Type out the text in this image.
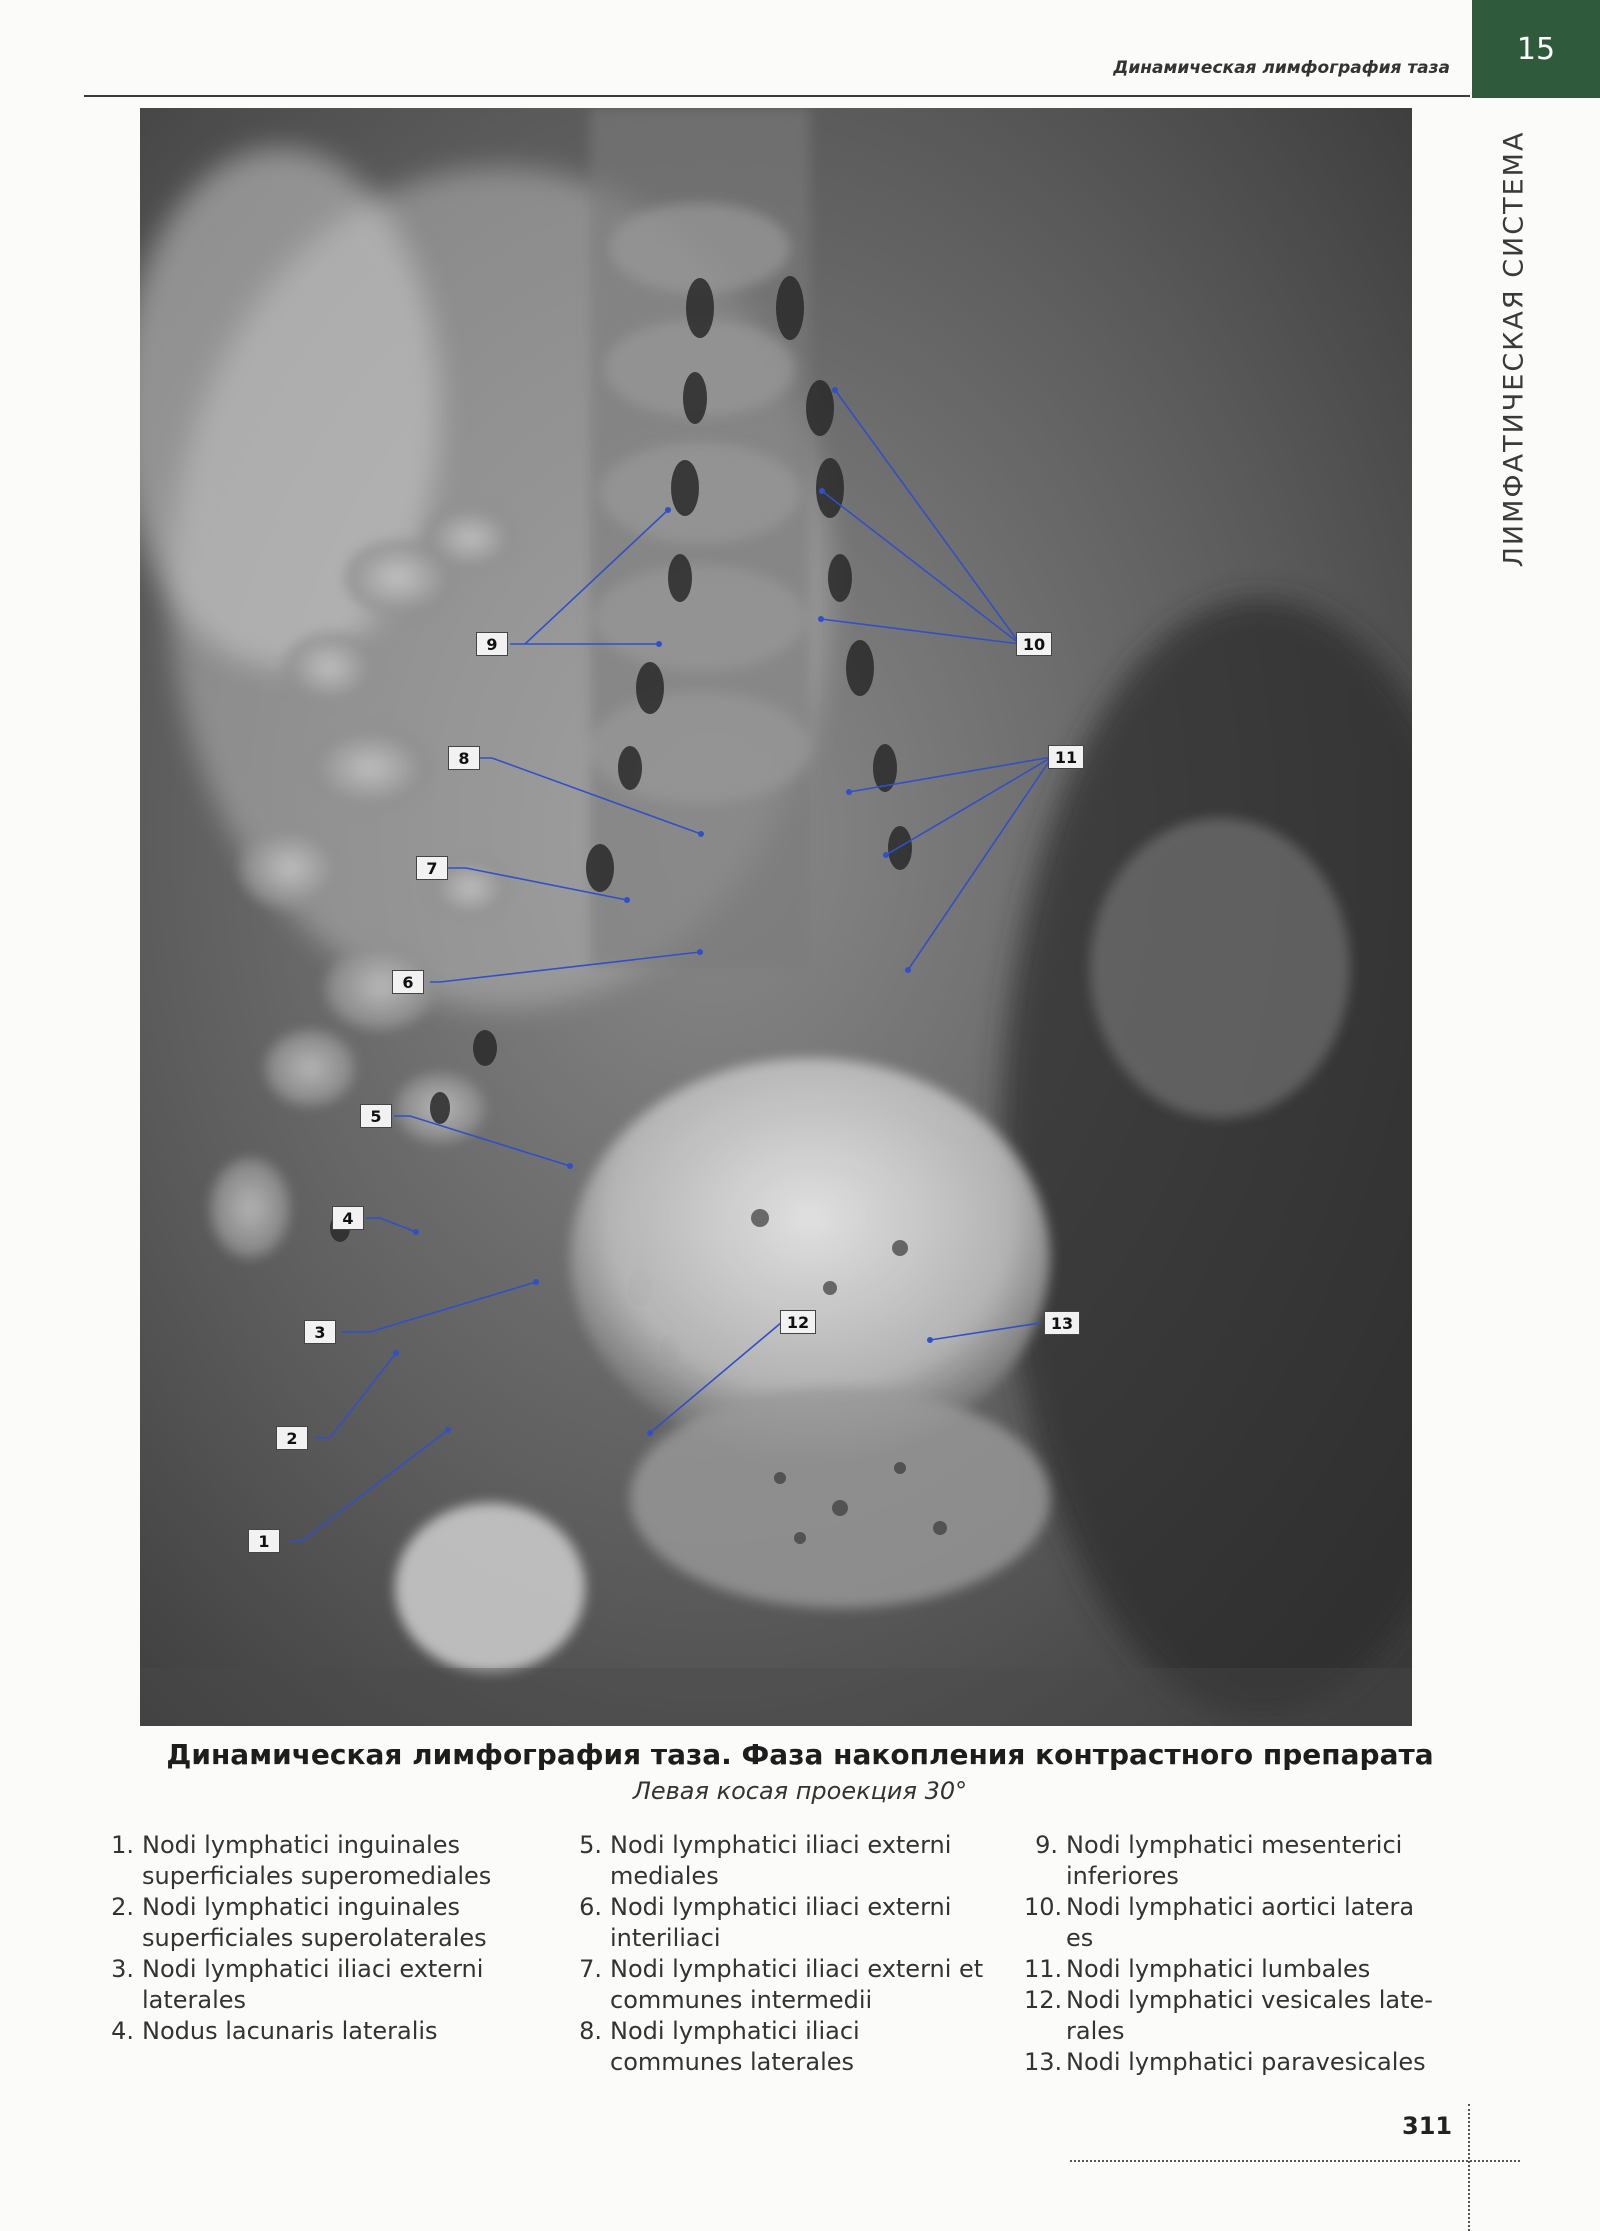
15
Динамическая лимфография таза
ЛИМФАТИЧЕСКАЯ СИСТЕМА
1
2
3
4
5
6
7
8
9	10
11
12	13
Динамическая лимфография таза. Фаза накопления контрастного препарата
Левая косая проекция 30°
1. Nodi lymphatici inguinales superficiales superomediales
2. Nodi lymphatici inguinales superficiales superolaterales
3. Nodi lymphatici iliaci externi laterales
4. Nodus lacunaris lateralis
5. Nodi lymphatici iliaci externi mediales
6. Nodi lymphatici iliaci externi interiliaci
7. Nodi lymphatici iliaci externi et communes intermedii
8. Nodi lymphatici iliaci communes laterales
9. Nodi lymphatici mesenterici inferiores
10. Nodi lymphatici aortici latera es
11. Nodi lymphatici lumbales
12. Nodi lymphatici vesicales late-rales
13. Nodi lymphatici paravesicales
311
